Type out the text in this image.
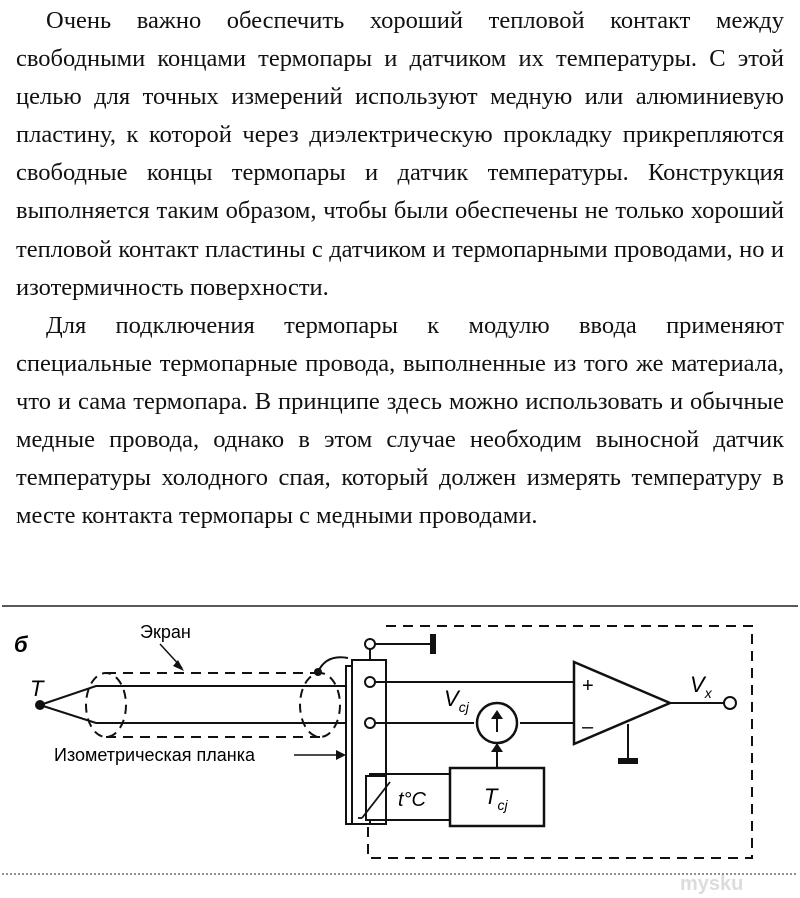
Очень важно обеспечить хороший тепловой контакт между свободными концами термопары и датчиком их температуры. С этой целью для точных измерений используют медную или алюминиевую пластину, к которой через диэлектрическую прокладку прикрепляются свободные концы термопары и датчик температуры. Конструкция выполняется таким образом, чтобы были обеспечены не только хороший тепловой контакт пластины с датчиком и термопарными проводами, но и изотермичность поверхности.

Для подключения термопары к модулю ввода применяют специальные термопарные провода, выполненные из того же материала, что и сама термопара. В принципе здесь можно использовать и обычные медные провода, однако в этом случае необходим выносной датчик температуры холодного спая, который должен измерять температуру в месте контакта термопары с медными проводами.

б
T
Экран
Изометрическая планка
$V_{cj}$
t°C	$T_{cj}$
+
–
$V_x$
mysku
